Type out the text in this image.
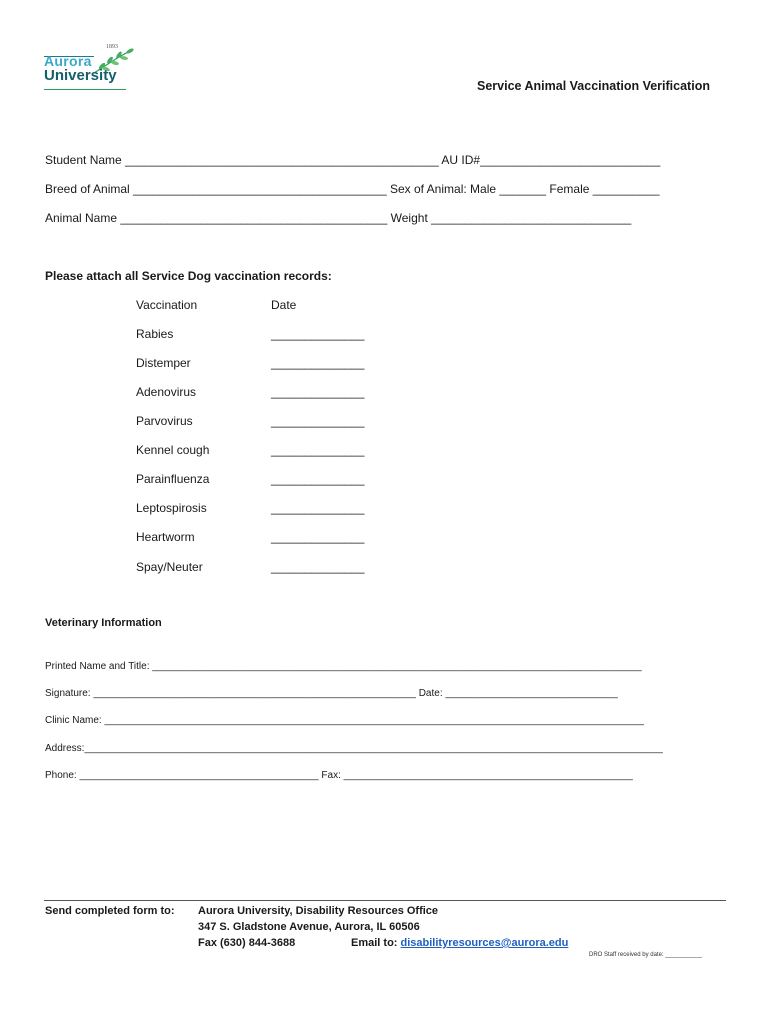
1893
Aurora
University
Service Animal Vaccination Verification
Student Name _______________________________________________ AU ID#___________________________
Breed of Animal ______________________________________ Sex of Animal: Male _______ Female __________
Animal Name ________________________________________ Weight ______________________________
Please attach all Service Dog vaccination records:
Vaccination	Date
Rabies	______________
Distemper	______________
Adenovirus	______________
Parvovirus	______________
Kennel cough	______________
Parainfluenza	______________
Leptospirosis	______________
Heartworm	______________
Spay/Neuter	______________
Veterinary Information
Printed Name and Title: ________________________________________________________________________________________
Signature: __________________________________________________________ Date: _______________________________
Clinic Name: _________________________________________________________________________________________________
Address:________________________________________________________________________________________________________
Phone: ___________________________________________ Fax: ____________________________________________________
Send completed form to: Aurora University, Disability Resources Office
347 S. Gladstone Avenue, Aurora, IL 60506
Fax (630) 844-3688	Email to: disabilityresources@aurora.edu
DRO Staff received by date: ___________
